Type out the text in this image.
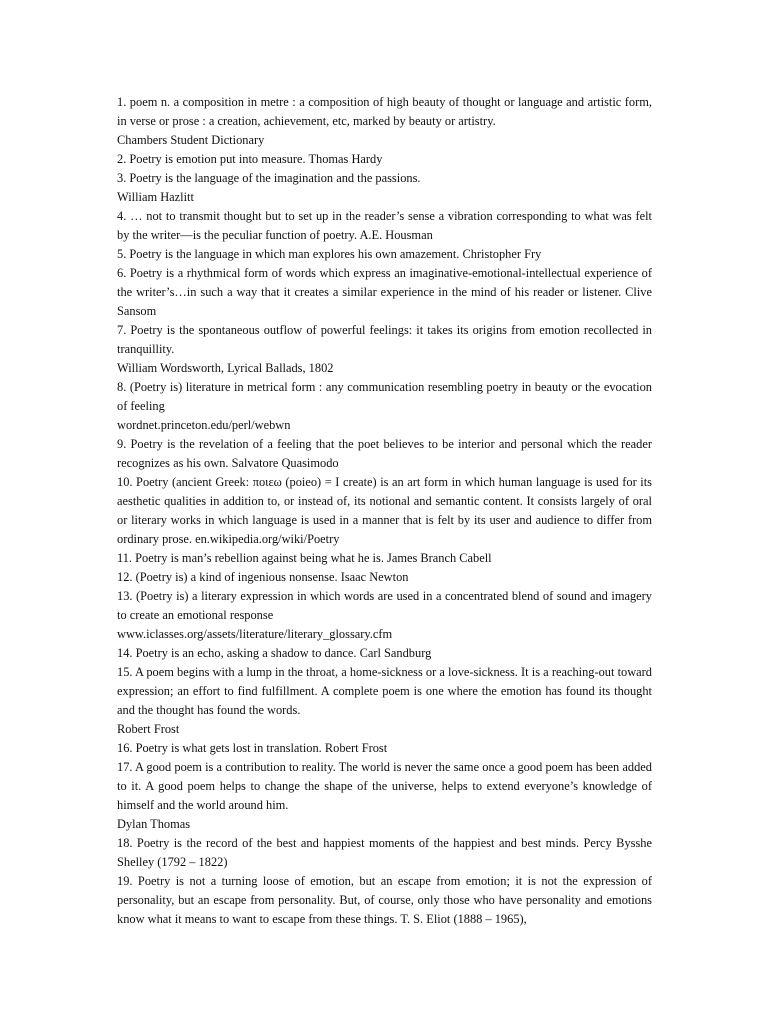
1. poem n. a composition in metre : a composition of high beauty of thought or language and artistic form, in verse or prose : a creation, achievement, etc, marked by beauty or artistry.

Chambers Student Dictionary

2. Poetry is emotion put into measure. Thomas Hardy

3. Poetry is the language of the imagination and the passions.

William Hazlitt

4. … not to transmit thought but to set up in the reader’s sense a vibration corresponding to what was felt by the writer—is the peculiar function of poetry. A.E. Housman

5. Poetry is the language in which man explores his own amazement. Christopher Fry

6. Poetry is a rhythmical form of words which express an imaginative-emotional-intellectual experience of the writer’s…in such a way that it creates a similar experience in the mind of his reader or listener. Clive Sansom

7. Poetry is the spontaneous outflow of powerful feelings: it takes its origins from emotion recollected in tranquillity.

William Wordsworth, Lyrical Ballads, 1802

8. (Poetry is) literature in metrical form : any communication resembling poetry in beauty or the evocation of feeling

wordnet.princeton.edu/perl/webwn

9. Poetry is the revelation of a feeling that the poet believes to be interior and personal which the reader recognizes as his own. Salvatore Quasimodo

10. Poetry (ancient Greek: ποιεω (poieo) = I create) is an art form in which human language is used for its aesthetic qualities in addition to, or instead of, its notional and semantic content. It consists largely of oral or literary works in which language is used in a manner that is felt by its user and audience to differ from ordinary prose. en.wikipedia.org/wiki/Poetry

11. Poetry is man’s rebellion against being what he is. James Branch Cabell

12. (Poetry is) a kind of ingenious nonsense. Isaac Newton

13. (Poetry is) a literary expression in which words are used in a concentrated blend of sound and imagery to create an emotional response

www.iclasses.org/assets/literature/literary_glossary.cfm

14. Poetry is an echo, asking a shadow to dance. Carl Sandburg

15. A poem begins with a lump in the throat, a home-sickness or a love-sickness. It is a reaching-out toward expression; an effort to find fulfillment. A complete poem is one where the emotion has found its thought and the thought has found the words.

Robert Frost

16. Poetry is what gets lost in translation. Robert Frost

17. A good poem is a contribution to reality. The world is never the same once a good poem has been added to it. A good poem helps to change the shape of the universe, helps to extend everyone’s knowledge of himself and the world around him.

Dylan Thomas

18. Poetry is the record of the best and happiest moments of the happiest and best minds. Percy Bysshe Shelley (1792 – 1822)

19. Poetry is not a turning loose of emotion, but an escape from emotion; it is not the expression of personality, but an escape from personality. But, of course, only those who have personality and emotions know what it means to want to escape from these things. T. S. Eliot (1888 – 1965),
